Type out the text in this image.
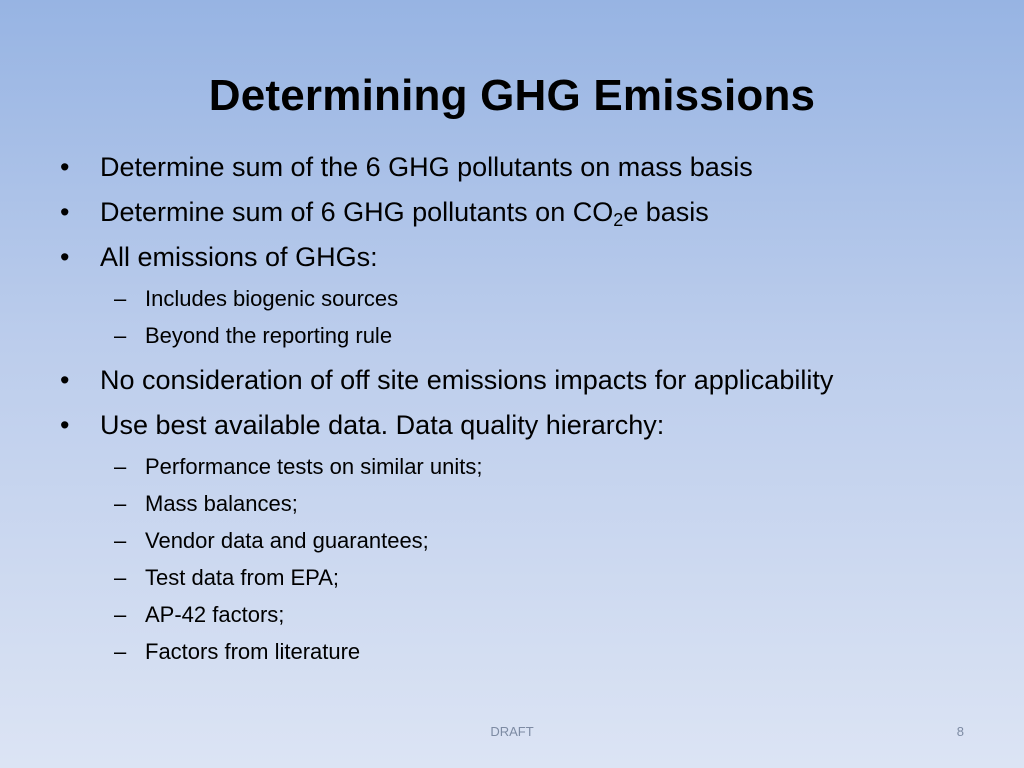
Determining GHG Emissions
• Determine sum of the 6 GHG pollutants on mass basis
• Determine sum of 6 GHG pollutants on $CO_2e$ basis
• All emissions of GHGs:
– Includes biogenic sources
– Beyond the reporting rule
• No consideration of off site emissions impacts for applicability
• Use best available data. Data quality hierarchy:
– Performance tests on similar units;
– Mass balances;
– Vendor data and guarantees;
– Test data from EPA;
– AP-42 factors;
– Factors from literature
DRAFT	8
